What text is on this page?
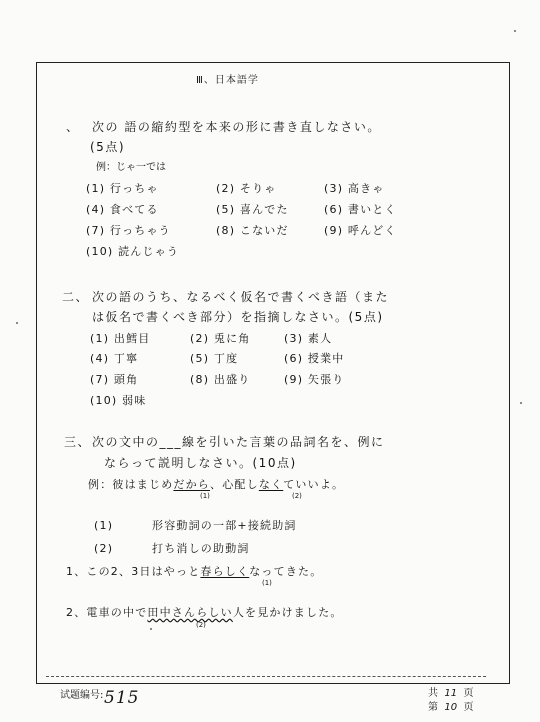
Ⅲ、日本語学
、 次の 語の縮約型を本来の形に書き直しなさい。
(5点)
例：じゃ一では
(1) 行っちゃ	(2) そりゃ	(3) 高きゃ
(4) 食べてる	(5) 喜んでた	(6) 書いとく
(7) 行っちゃう	(8) こないだ	(9) 呼んどく
(10) 読んじゃう
二、 次の語のうち、なるべく仮名で書くべき語（また
は仮名で書くべき部分）を指摘しなさい。(5点)
(1) 出鱈目	(2) 兎に角	(3) 素人
(4) 丁寧	(5) 丁度	(6) 授業中
(7) 頭角	(8) 出盛り	(9) 矢張り
(10) 弱味
三、 次の文中の___線を引いた言葉の品詞名を、例に
ならって説明しなさい。(10点)
例：彼はまじめだから、心配しなくていいよ。
(1)	(2)
(1)	形容動詞の一部+接続助詞
(2)	打ち消しの助動詞
1、この2、3日はやっと春らしくなってきた。
(1)
2、電車の中で田中さんらしい人を見かけました。
(2)
试题编号: 515	共 11 页
第 10 页
